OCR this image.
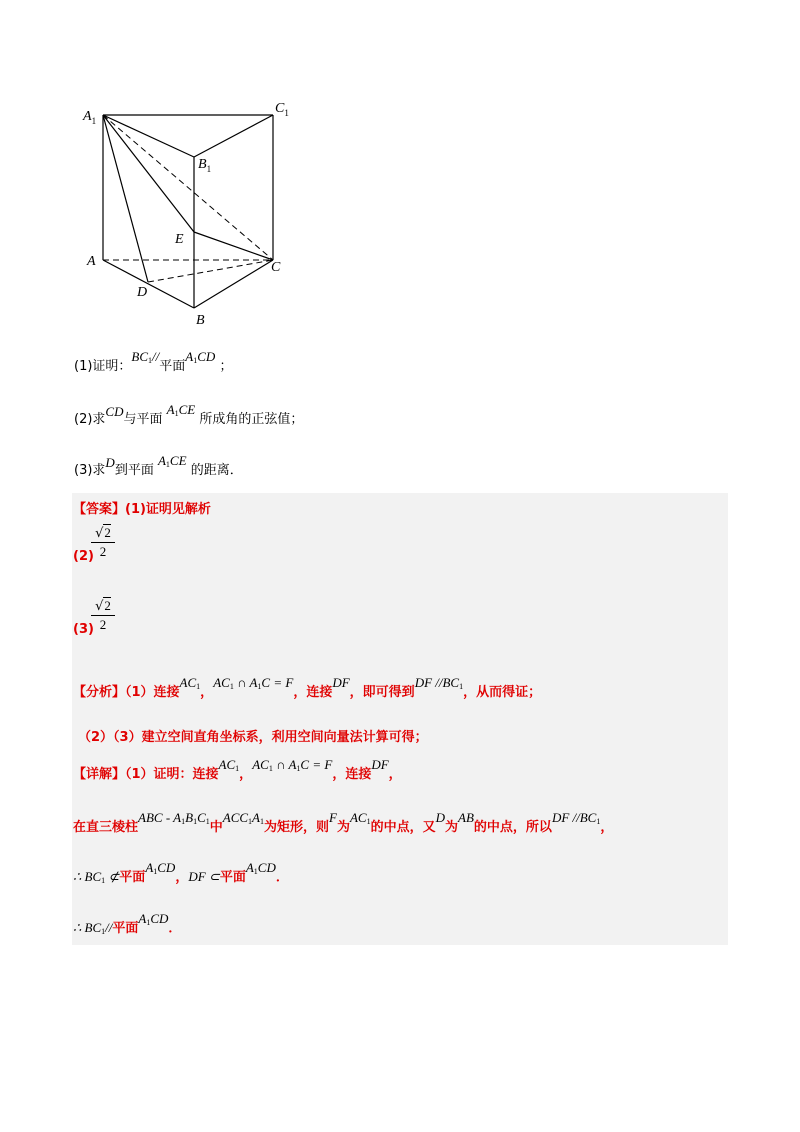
$A_1$
$C_1$
$B_1$
E
A	C
D
B
(1)证明：$BC_1//$平面$A_1CD$ ；
(2)求CD与平面 $A_1CE$ 所成角的正弦值；
(3)求D到平面 $A_1CE$ 的距离．
【答案】(1)证明见解析
(2)
√2
2
(3)
√2
2
【分析】（1）连接$AC_1$，$AC_1$ ∩ $A_1C = F$，连接DF，即可得到DF $//BC_1$，从而得证；
（2）（3）建立空间直角坐标系，利用空间向量法计算可得；
【详解】（1）证明：连接$AC_1$，$AC_1$ ∩ $A_1C = F$，连接DF，
在直三棱柱ABC - $A_1B_1C_1$中$ACC_1A_1$为矩形，则F为$AC_1$的中点，又D为AB的中点，所以DF $//BC_1$，
∴ $BC_1$ ⊄平面$A_1CD$，DF ⊂平面$A_1CD$．
∴ $BC_1//$平面$A_1CD$．
